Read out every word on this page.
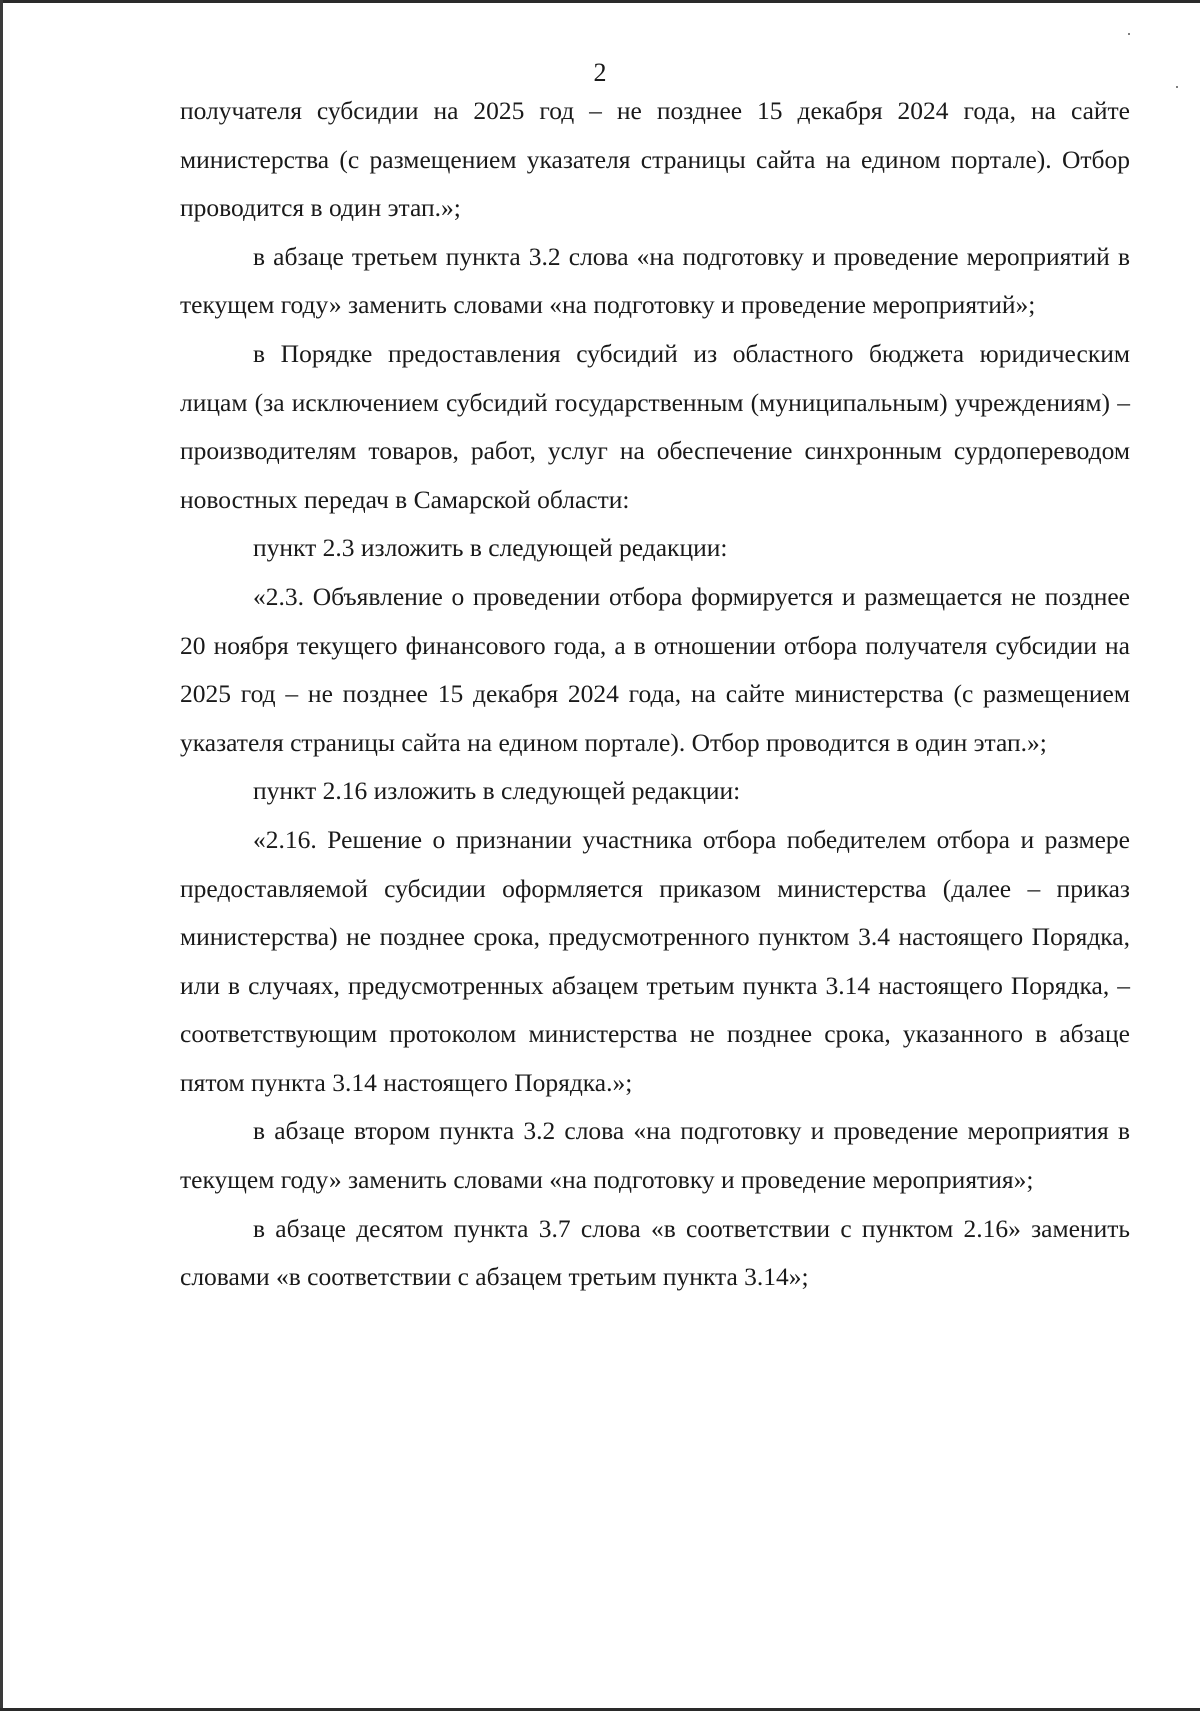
2

получателя субсидии на 2025 год – не позднее 15 декабря 2024 года, на сайте министерства (с размещением указателя страницы сайта на едином портале). Отбор проводится в один этап.»;

в абзаце третьем пункта 3.2 слова «на подготовку и проведение мероприятий в текущем году» заменить словами «на подготовку и проведение мероприятий»;

в Порядке предоставления субсидий из областного бюджета юридическим лицам (за исключением субсидий государственным (муниципальным) учреждениям) – производителям товаров, работ, услуг на обеспечение синхронным сурдопереводом новостных передач в Самарской области:

пункт 2.3 изложить в следующей редакции:

«2.3. Объявление о проведении отбора формируется и размещается не позднее 20 ноября текущего финансового года, а в отношении отбора получателя субсидии на 2025 год – не позднее 15 декабря 2024 года, на сайте министерства (с размещением указателя страницы сайта на едином портале). Отбор проводится в один этап.»;

пункт 2.16 изложить в следующей редакции:

«2.16. Решение о признании участника отбора победителем отбора и размере предоставляемой субсидии оформляется приказом министерства (далее – приказ министерства) не позднее срока, предусмотренного пунктом 3.4 настоящего Порядка, или в случаях, предусмотренных абзацем третьим пункта 3.14 настоящего Порядка, – соответствующим протоколом министерства не позднее срока, указанного в абзаце пятом пункта 3.14 настоящего Порядка.»;

в абзаце втором пункта 3.2 слова «на подготовку и проведение мероприятия в текущем году» заменить словами «на подготовку и проведение мероприятия»;

в абзаце десятом пункта 3.7 слова «в соответствии с пунктом 2.16» заменить словами «в соответствии с абзацем третьим пункта 3.14»;
